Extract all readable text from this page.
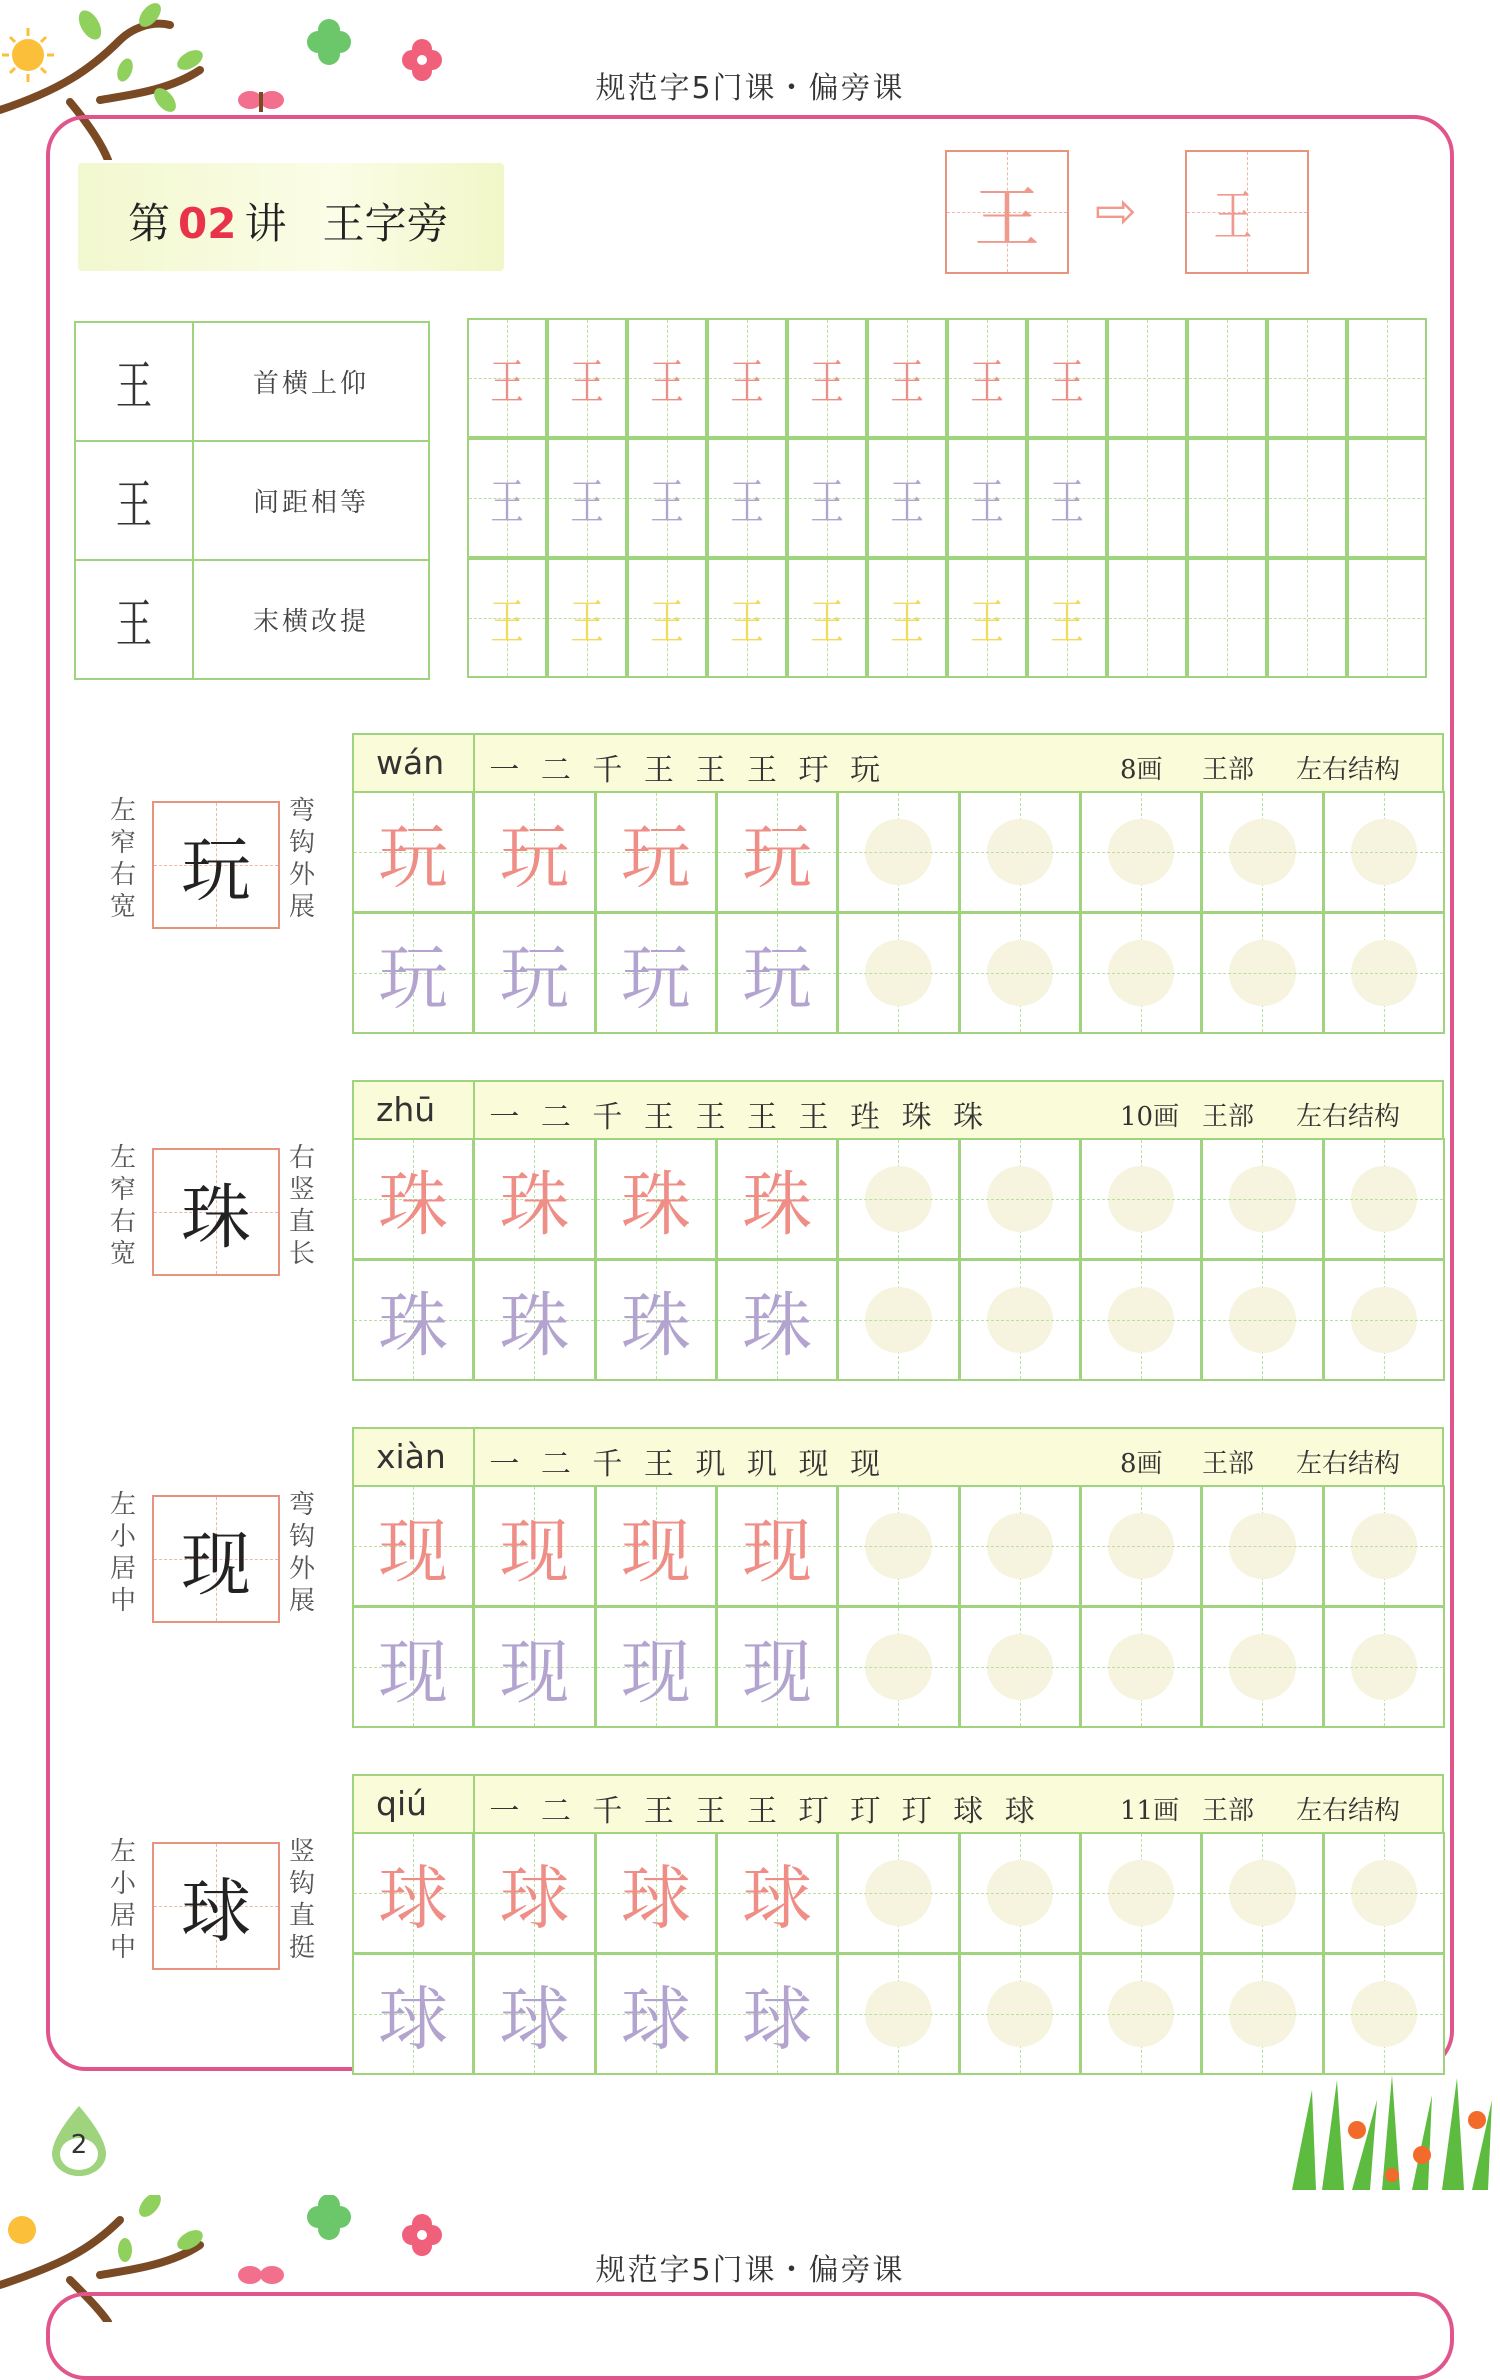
规范字5门课・偏旁课
第 02 讲 王字旁	王	⇨	王
王	首横上仰
王	间距相等
王	末横改提
王 王 王 王 王 王 王 王
王 王 王 王 王 王 王 王
王 王 王 王 王 王 王 王
玩
左窄右宽
弯钩外展
wán 一 二 千 王 王 王 玗 玩	8画 王部 左右结构
玩 玩 玩 玩
玩 玩 玩 玩
珠
左窄右宽
右竖直长
zhū 一 二 千 王 王 王 王 珄 珠 珠	10画 王部 左右结构
珠 珠 珠 珠
珠 珠 珠 珠
现
左小居中
弯钩外展
xiàn 一 二 千 王 玑 玑 现 现	8画 王部 左右结构
现 现 现 现
现 现 现 现
球
左小居中
竖钩直挺
qiú 一 二 千 王 王 王 玎 玎 玎 球 球	11画 王部 左右结构
球 球 球 球
球 球 球 球
2
规范字5门课・偏旁课
